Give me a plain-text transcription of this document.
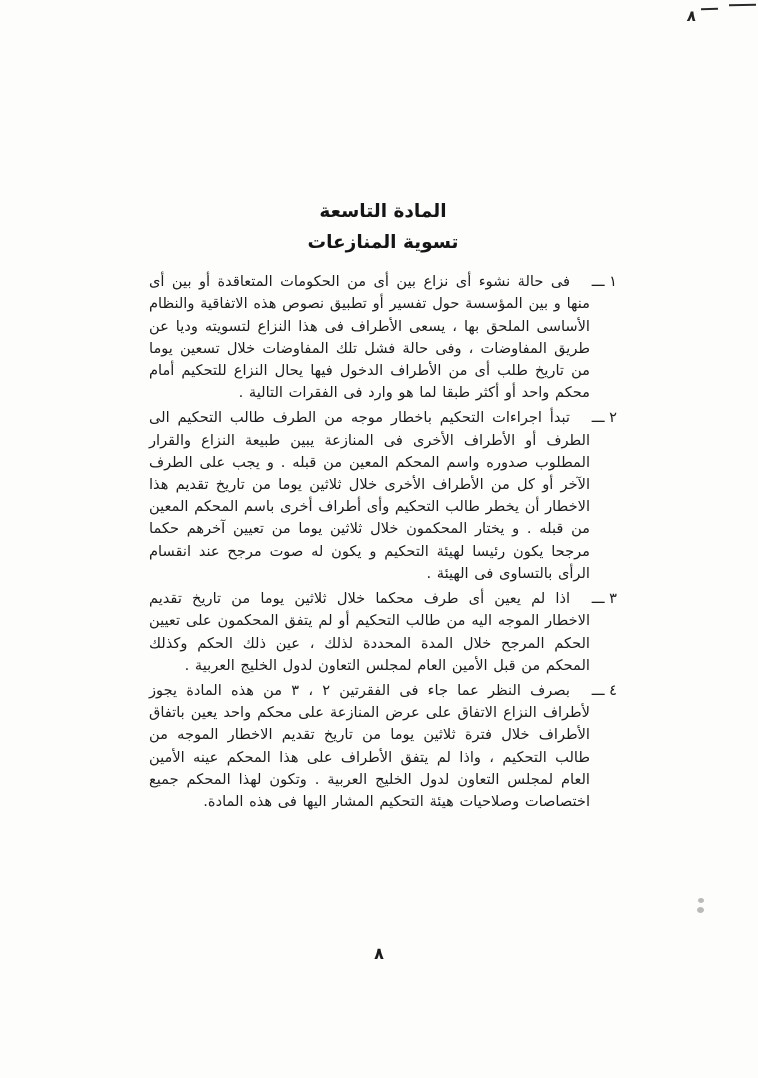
٨
المادة التاسعة
تسوية المنازعات
١ ـــ

فى حالة نشوء أى نزاع بين أى من الحكومات المتعاقدة أو بين أى منها و بين المؤسسة حول تفسير أو تطبيق نصوص هذه الاتفاقية والنظام الأساسى الملحق بها ، يسعى الأطراف فى هذا النزاع لتسويته وديا عن طريق المفاوضات ، وفى حالة فشل تلك المفاوضات خلال تسعين يوما من تاريخ طلب أى من الأطراف الدخول فيها يحال النزاع للتحكيم أمام محكم واحد أو أكثر طبقا لما هو وارد فى الفقرات التالية .

٢ ـــ

تبدأ اجراءات التحكيم باخطار موجه من الطرف طالب التحكيم الى الطرف أو الأطراف الأخرى فى المنازعة يبين طبيعة النزاع والقرار المطلوب صدوره واسم المحكم المعين من قبله . و يجب على الطرف الآخر أو كل من الأطراف الأخرى خلال ثلاثين يوما من تاريخ تقديم هذا الاخطار أن يخطر طالب التحكيم وأى أطراف أخرى باسم المحكم المعين من قبله . و يختار المحكمون خلال ثلاثين يوما من تعيين آخرهم حكما مرجحا يكون رئيسا لهيئة التحكيم و يكون له صوت مرجح عند انقسام الرأى بالتساوى فى الهيئة .

٣ ـــ

اذا لم يعين أى طرف محكما خلال ثلاثين يوما من تاريخ تقديم الاخطار الموجه اليه من طالب التحكيم أو لم يتفق المحكمون على تعيين الحكم المرجح خلال المدة المحددة لذلك ، عين ذلك الحكم وكذلك المحكم من قبل الأمين العام لمجلس التعاون لدول الخليج العربية .

٤ ـــ

بصرف النظر عما جاء فى الفقرتين ٢ ، ٣ من هذه المادة يجوز لأطراف النزاع الاتفاق على عرض المنازعة على محكم واحد يعين باتفاق الأطراف خلال فترة ثلاثين يوما من تاريخ تقديم الاخطار الموجه من طالب التحكيم ، واذا لم يتفق الأطراف على هذا المحكم عينه الأمين العام لمجلس التعاون لدول الخليج العربية . وتكون لهذا المحكم جميع اختصاصات وصلاحيات هيئة التحكيم المشار اليها فى هذه المادة.

٨
